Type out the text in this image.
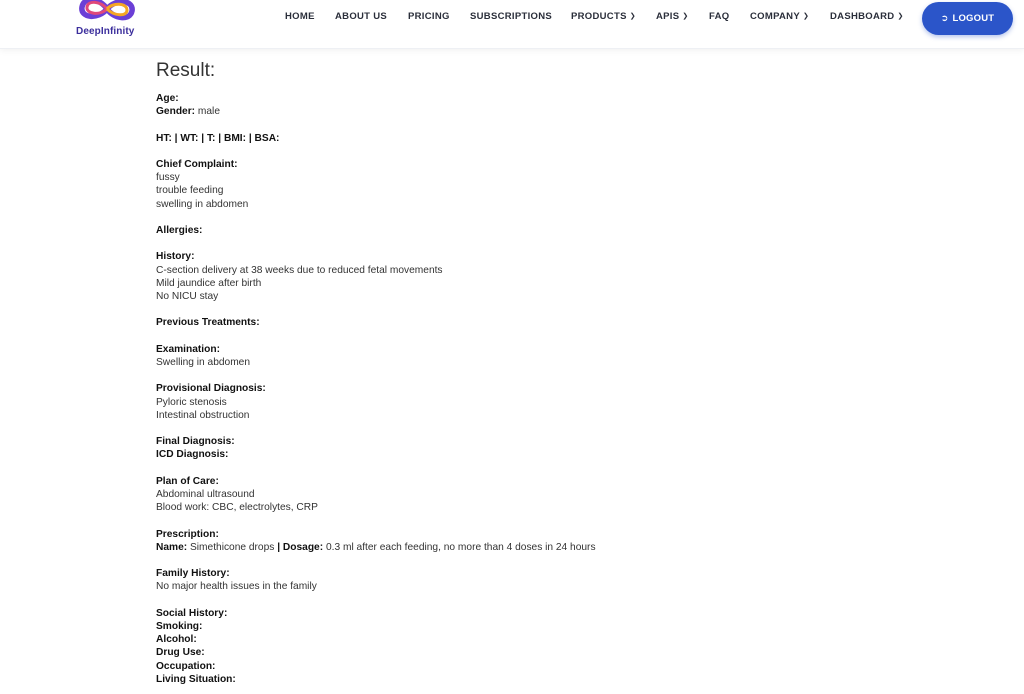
DeepInfinity
HOME ABOUT US PRICING SUBSCRIPTIONS PRODUCTS ❯ APIS ❯ FAQ COMPANY ❯ DASHBOARD ❯	➲ LOGOUT
Result:
Age:
Gender: male
HT: | WT: | T: | BMI: | BSA:
Chief Complaint:
fussy
trouble feeding
swelling in abdomen
Allergies:
History:
C-section delivery at 38 weeks due to reduced fetal movements
Mild jaundice after birth
No NICU stay
Previous Treatments:
Examination:
Swelling in abdomen
Provisional Diagnosis:
Pyloric stenosis
Intestinal obstruction
Final Diagnosis:
ICD Diagnosis:
Plan of Care:
Abdominal ultrasound
Blood work: CBC, electrolytes, CRP
Prescription:
Name: Simethicone drops | Dosage: 0.3 ml after each feeding, no more than 4 doses in 24 hours
Family History:
No major health issues in the family
Social History:
Smoking:
Alcohol:
Drug Use:
Occupation:
Living Situation:
